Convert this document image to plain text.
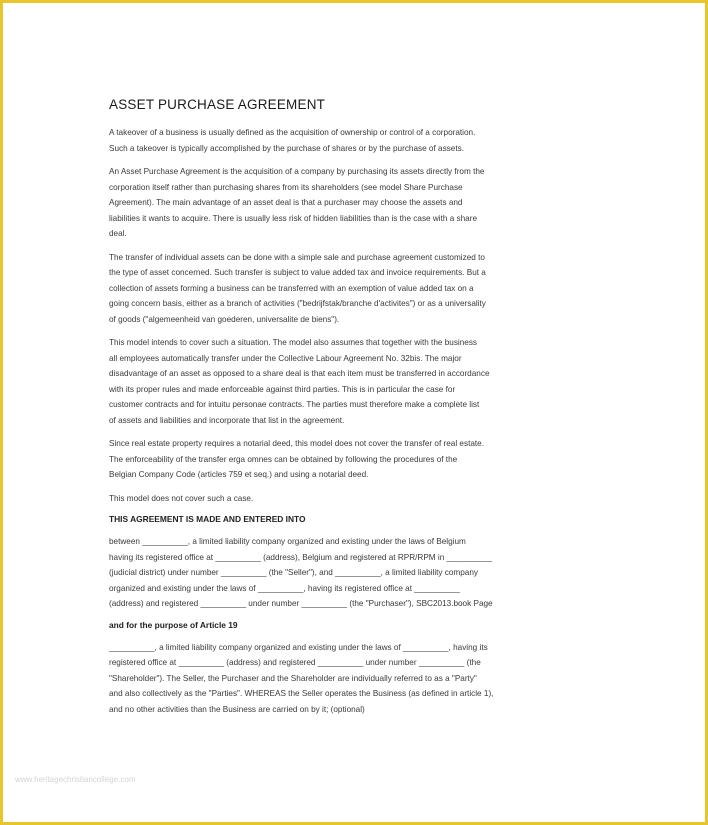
ASSET PURCHASE AGREEMENT
A takeover of a business is usually defined as the acquisition of ownership or control of a corporation.
Such a takeover is typically accomplished by the purchase of shares or by the purchase of assets.
An Asset Purchase Agreement is the acquisition of a company by purchasing its assets directly from the
corporation itself rather than purchasing shares from its shareholders (see model Share Purchase
Agreement). The main advantage of an asset deal is that a purchaser may choose the assets and
liabilities it wants to acquire. There is usually less risk of hidden liabilities than is the case with a share
deal.
The transfer of individual assets can be done with a simple sale and purchase agreement customized to
the type of asset concerned. Such transfer is subject to value added tax and invoice requirements. But a
collection of assets forming a business can be transferred with an exemption of value added tax on a
going concern basis, either as a branch of activities ("bedrijfstak/branche d'activites") or as a universality
of goods ("algemeenheid van goederen, universalite de biens").
This model intends to cover such a situation. The model also assumes that together with the business
all employees automatically transfer under the Collective Labour Agreement No. 32bis. The major
disadvantage of an asset as opposed to a share deal is that each item must be transferred in accordance
with its proper rules and made enforceable against third parties. This is in particular the case for
customer contracts and for intuitu personae contracts. The parties must therefore make a complete list
of assets and liabilities and incorporate that list in the agreement.
Since real estate property requires a notarial deed, this model does not cover the transfer of real estate.
The enforceability of the transfer erga omnes can be obtained by following the procedures of the
Belgian Company Code (articles 759 et seq.) and using a notarial deed.
This model does not cover such a case.
THIS AGREEMENT IS MADE AND ENTERED INTO
between __________, a limited liability company organized and existing under the laws of Belgium
having its registered office at __________ (address), Belgium and registered at RPR/RPM in __________
(judicial district) under number __________ (the "Seller"), and __________, a limited liability company
organized and existing under the laws of __________, having its registered office at __________
(address) and registered __________ under number __________ (the "Purchaser"), SBC2013.book Page
and for the purpose of Article 19
__________, a limited liability company organized and existing under the laws of __________, having its
registered office at __________ (address) and registered __________ under number __________ (the
"Shareholder"). The Seller, the Purchaser and the Shareholder are individually referred to as a "Party"
and also collectively as the "Parties". WHEREAS the Seller operates the Business (as defined in article 1),
and no other activities than the Business are carried on by it; (optional)
www.heritagechristiancollege.com
